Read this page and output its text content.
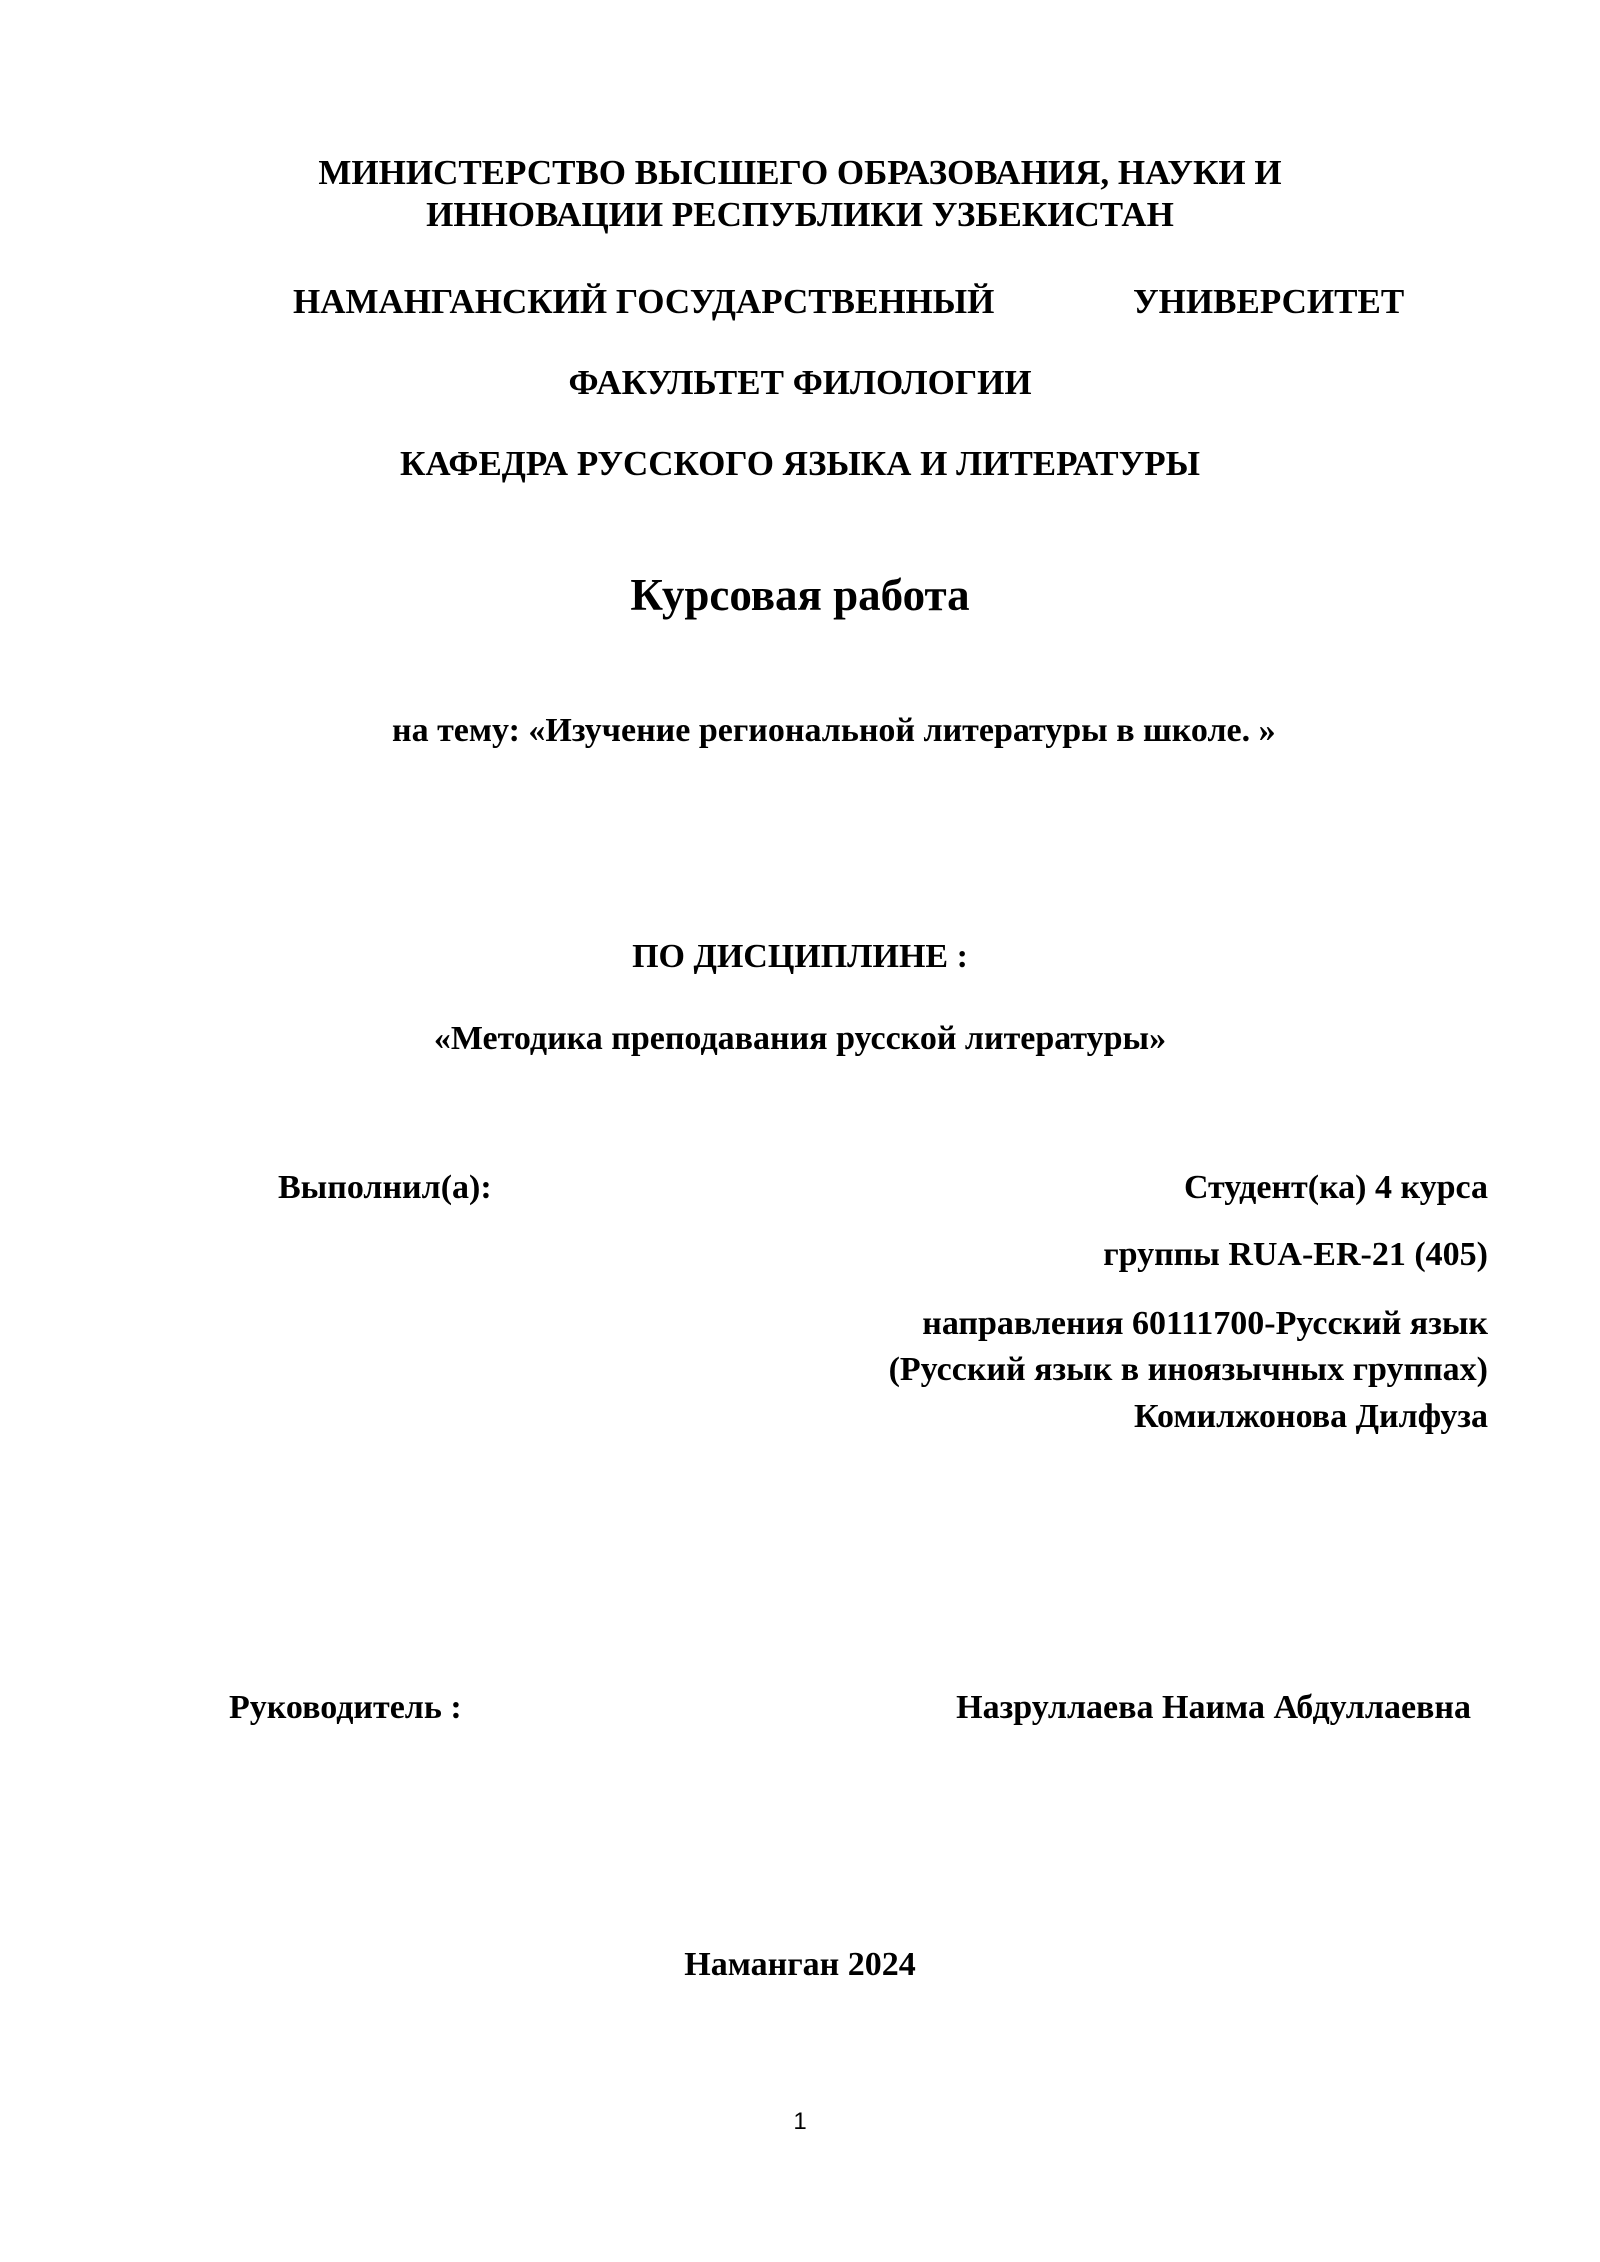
МИНИСТЕРСТВО ВЫСШЕГО ОБРАЗОВАНИЯ, НАУКИ И
ИННОВАЦИИ РЕСПУБЛИКИ УЗБЕКИСТАН
НАМАНГАНСКИЙ ГОСУДАРСТВЕННЫЙ	УНИВЕРСИТЕТ
ФАКУЛЬТЕТ ФИЛОЛОГИИ
КАФЕДРА РУССКОГО ЯЗЫКА И ЛИТЕРАТУРЫ
Курсовая работа
на тему: «Изучение региональной литературы в школе. »
ПО ДИСЦИПЛИНЕ :
«Методика преподавания русской литературы»
Выполнил(а):	Студент(ка) 4 курса
группы RUA-ER-21 (405)
направления 60111700-Русский язык
(Русский язык в иноязычных группах)
Комилжонова Дилфуза
Руководитель :	Назруллаева Наима Абдуллаевна
Наманган 2024
1
